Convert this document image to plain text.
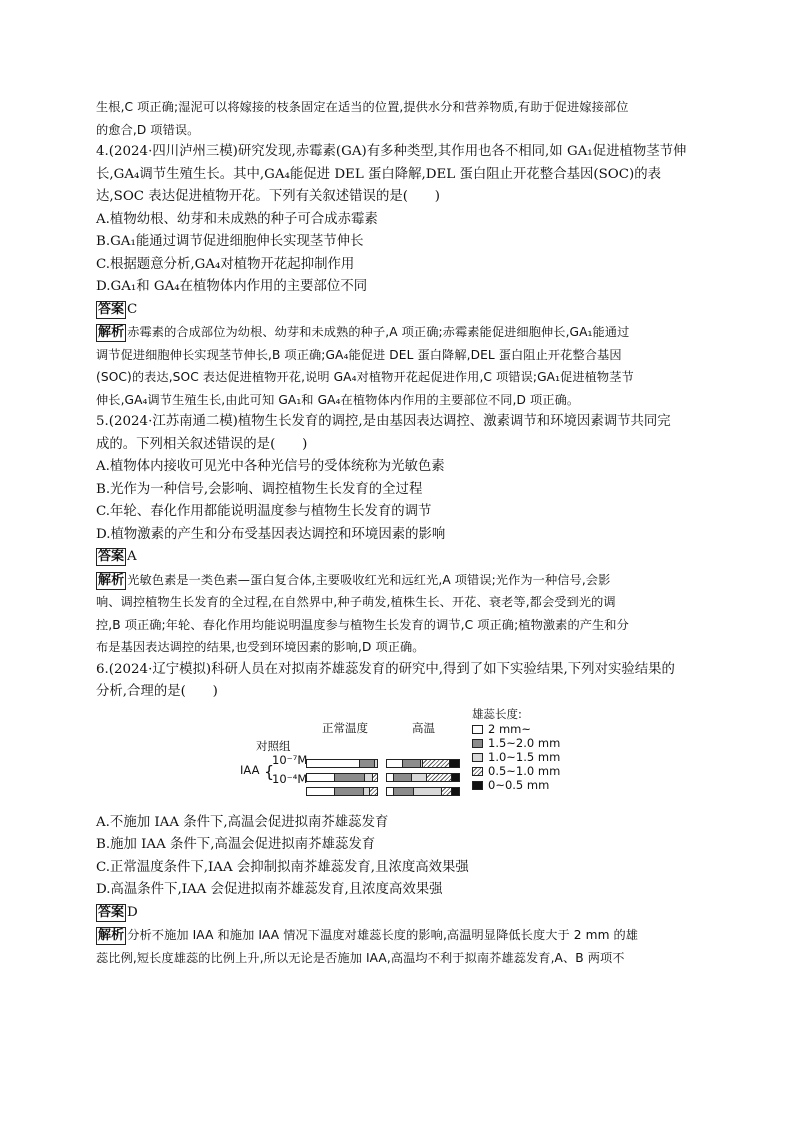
生根,C 项正确;湿泥可以将嫁接的枝条固定在适当的位置,提供水分和营养物质,有助于促进嫁接部位
的愈合,D 项错误。
4.(2024·四川泸州三模)研究发现,赤霉素(GA)有多种类型,其作用也各不相同,如 GA₁促进植物茎节伸
长,GA₄调节生殖生长。其中,GA₄能促进 DEL 蛋白降解,DEL 蛋白阻止开花整合基因(SOC)的表
达,SOC 表达促进植物开花。下列有关叙述错误的是(　　)
A.植物幼根、幼芽和未成熟的种子可合成赤霉素
B.GA₁能通过调节促进细胞伸长实现茎节伸长
C.根据题意分析,GA₄对植物开花起抑制作用
D.GA₁和 GA₄在植物体内作用的主要部位不同
答案 C
解析 赤霉素的合成部位为幼根、幼芽和未成熟的种子,A 项正确;赤霉素能促进细胞伸长,GA₁能通过
调节促进细胞伸长实现茎节伸长,B 项正确;GA₄能促进 DEL 蛋白降解,DEL 蛋白阻止开花整合基因
(SOC)的表达,SOC 表达促进植物开花,说明 GA₄对植物开花起促进作用,C 项错误;GA₁促进植物茎节
伸长,GA₄调节生殖生长,由此可知 GA₁和 GA₄在植物体内作用的主要部位不同,D 项正确。
5.(2024·江苏南通二模)植物生长发育的调控,是由基因表达调控、激素调节和环境因素调节共同完
成的。下列相关叙述错误的是(　　)
A.植物体内接收可见光中各种光信号的受体统称为光敏色素
B.光作为一种信号,会影响、调控植物生长发育的全过程
C.年轮、春化作用都能说明温度参与植物生长发育的调节
D.植物激素的产生和分布受基因表达调控和环境因素的影响
答案 A
解析 光敏色素是一类色素—蛋白复合体,主要吸收红光和远红光,A 项错误;光作为一种信号,会影
响、调控植物生长发育的全过程,在自然界中,种子萌发,植株生长、开花、衰老等,都会受到光的调
控,B 项正确;年轮、春化作用均能说明温度参与植物生长发育的调节,C 项正确;植物激素的产生和分
布是基因表达调控的结果,也受到环境因素的影响,D 项正确。
6.(2024·辽宁模拟)科研人员在对拟南芥雄蕊发育的研究中,得到了如下实验结果,下列对实验结果的
分析,合理的是(　　)
正常温度	高温
对照组
IAA {
10⁻⁷M
10⁻⁴M
雄蕊长度:
2 mm~
1.5~2.0 mm
1.0~1.5 mm
0.5~1.0 mm
0~0.5 mm
A.不施加 IAA 条件下,高温会促进拟南芥雄蕊发育
B.施加 IAA 条件下,高温会促进拟南芥雄蕊发育
C.正常温度条件下,IAA 会抑制拟南芥雄蕊发育,且浓度高效果强
D.高温条件下,IAA 会促进拟南芥雄蕊发育,且浓度高效果强
答案 D
解析 分析不施加 IAA 和施加 IAA 情况下温度对雄蕊长度的影响,高温明显降低长度大于 2 mm 的雄
蕊比例,短长度雄蕊的比例上升,所以无论是否施加 IAA,高温均不利于拟南芥雄蕊发育,A、B 两项不
